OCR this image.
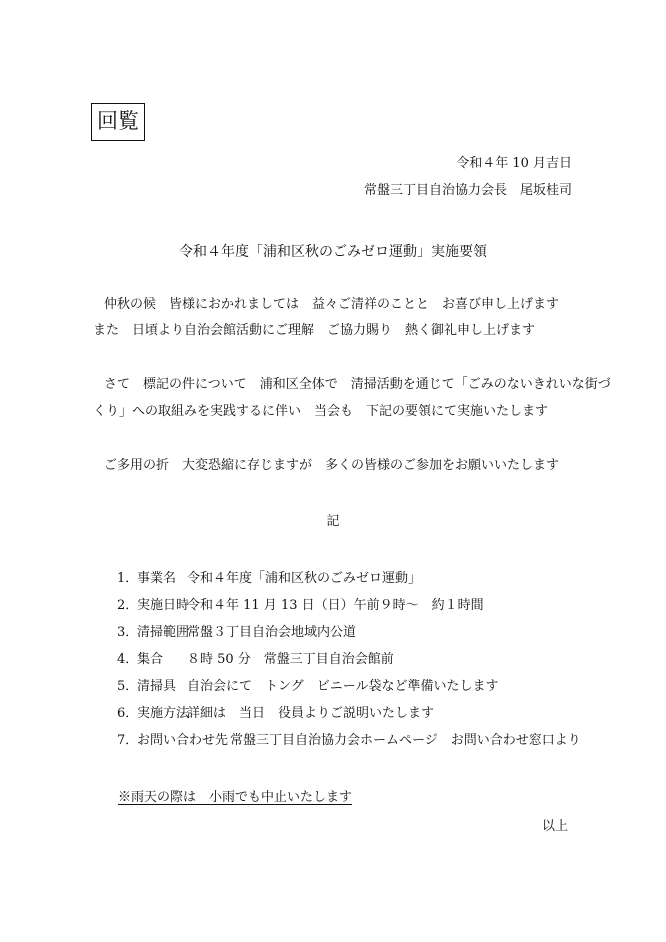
回覧
令和４年 10 月吉日
常盤三丁目自治協力会長　尾坂桂司
令和４年度「浦和区秋のごみゼロ運動」実施要領
仲秋の候　皆様におかれましては　益々ご清祥のことと　お喜び申し上げます
また　日頃より自治会館活動にご理解　ご協力賜り　熱く御礼申し上げます
さて　標記の件について　浦和区全体で　清掃活動を通じて「ごみのないきれいな街づ
くり」への取組みを実践するに伴い　当会も　下記の要領にて実施いたします
ご多用の折　大変恐縮に存じますが　多くの皆様のご参加をお願いいたします
記
1．
事業名 令和４年度「浦和区秋のごみゼロ運動」
2．
実施日時
令和４年 11 月 13 日（日）午前９時〜　約１時間
3．
清掃範囲
常盤３丁目自治会地域内公道
4．
集合 ８時 50 分　常盤三丁目自治会館前
5．
清掃具 自治会にて　トング　ビニール袋など準備いたします
6．
実施方法
詳細は　当日　役員よりご説明いたします
7．
お問い合わせ先 常盤三丁目自治協力会ホームページ　お問い合わせ窓口より
※雨天の際は　小雨でも中止いたします
以上
